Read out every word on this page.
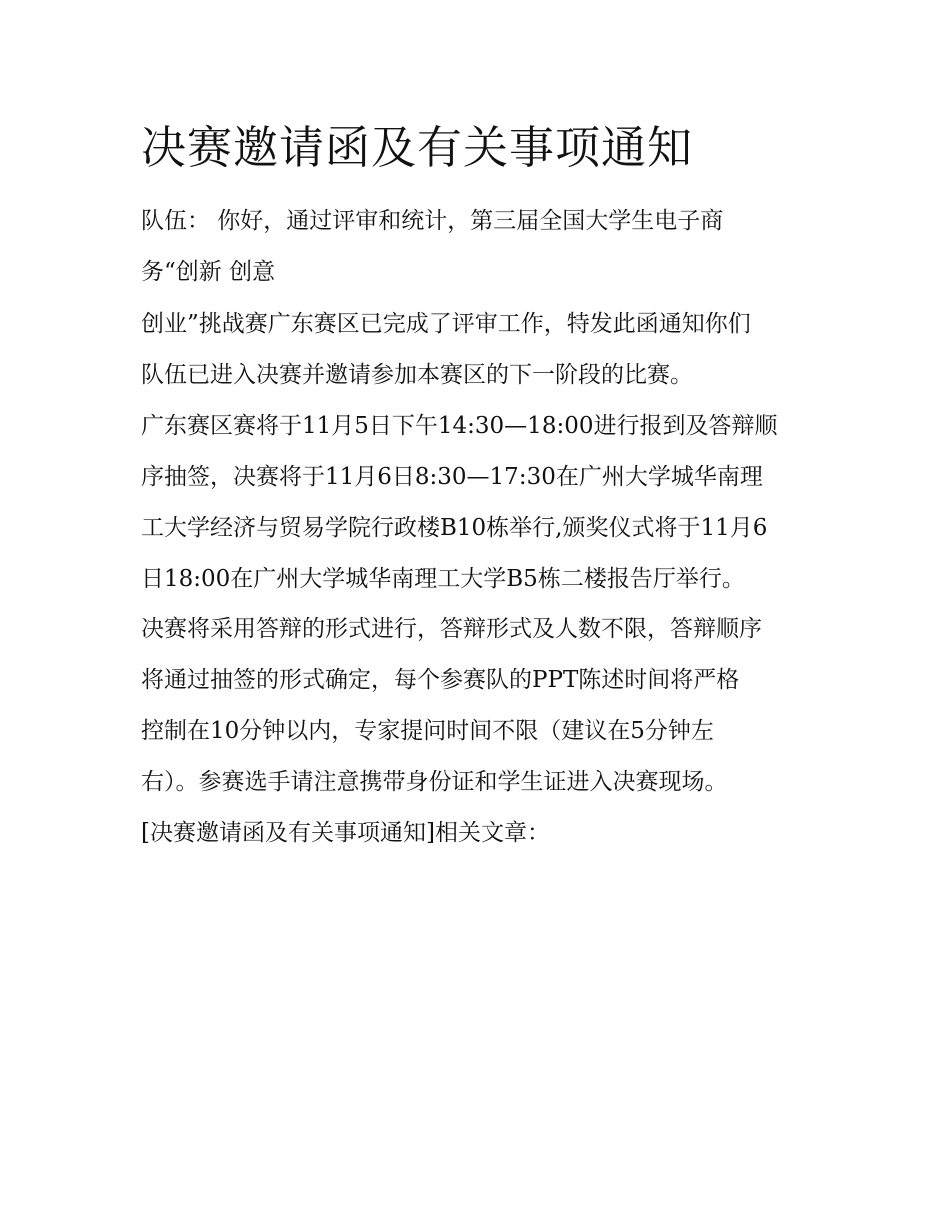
决赛邀请函及有关事项通知

队伍： 你好，通过评审和统计，第三届全国大学生电子商

务“创新 创意

创业”挑战赛广东赛区已完成了评审工作，特发此函通知你们

队伍已进入决赛并邀请参加本赛区的下一阶段的比赛。

广东赛区赛将于11月5日下午14:30—18:00进行报到及答辩顺

序抽签，决赛将于11月6日8:30—17:30在广州大学城华南理

工大学经济与贸易学院行政楼B10栋举行,颁奖仪式将于11月6

日18:00在广州大学城华南理工大学B5栋二楼报告厅举行。

决赛将采用答辩的形式进行，答辩形式及人数不限，答辩顺序

将通过抽签的形式确定，每个参赛队的PPT陈述时间将严格

控制在10分钟以内，专家提问时间不限（建议在5分钟左

右）。参赛选手请注意携带身份证和学生证进入决赛现场。

[决赛邀请函及有关事项通知]相关文章：
